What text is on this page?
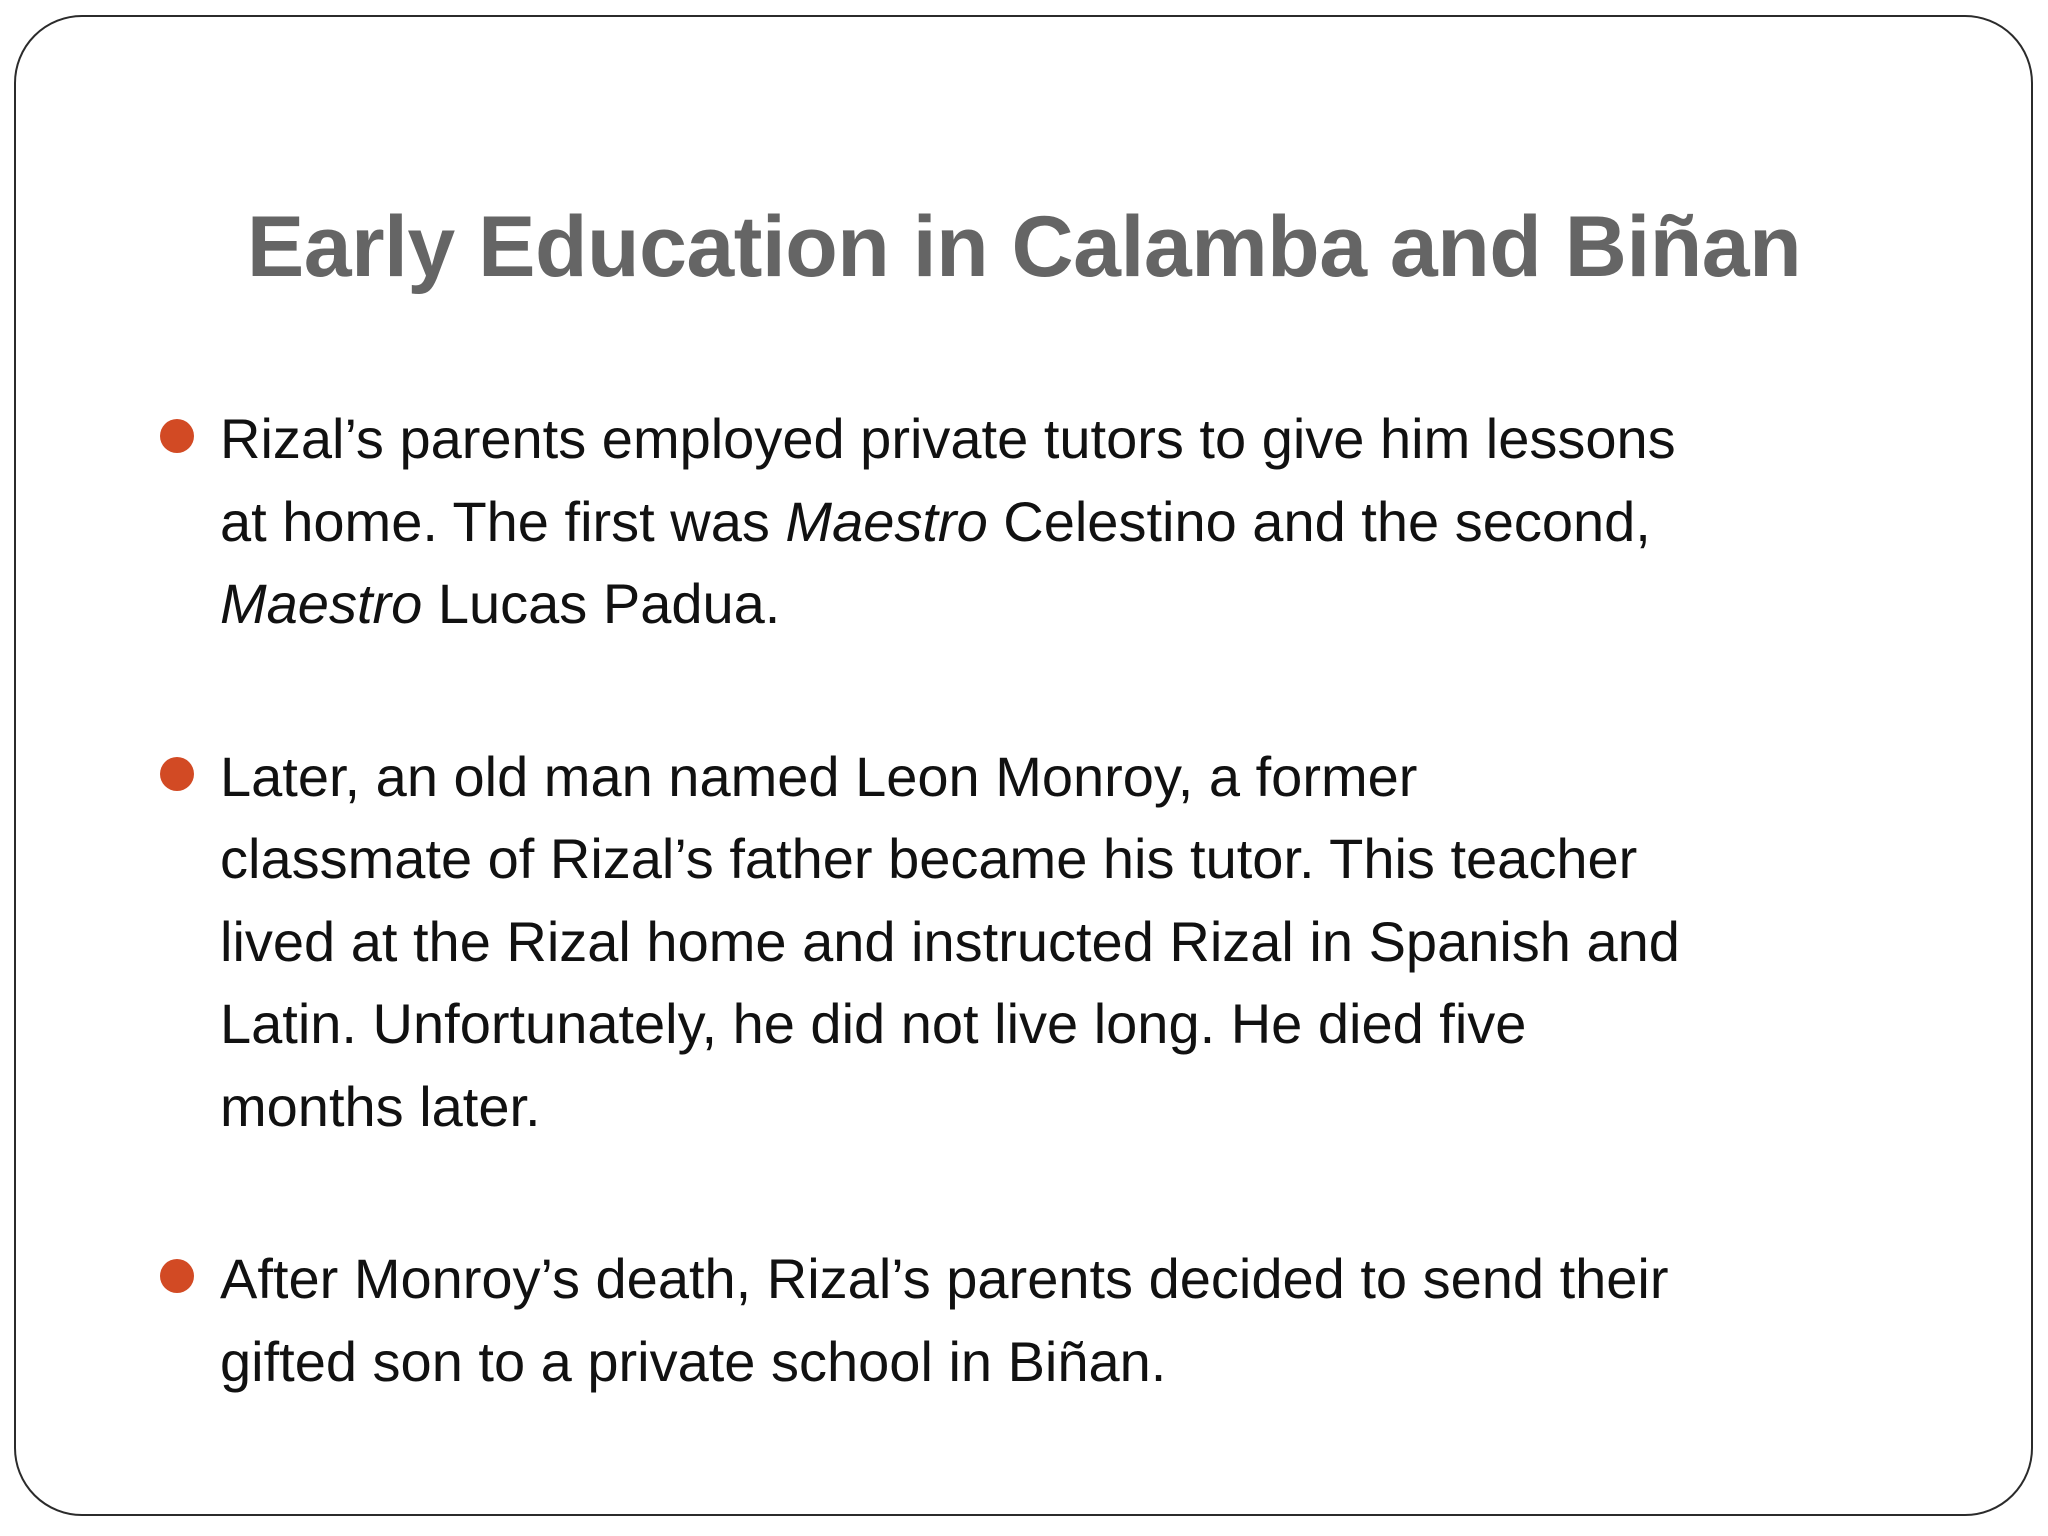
Early Education in Calamba and Biñan
Rizal’s parents employed private tutors to give him lessons
at home. The first was Maestro Celestino and the second,
Maestro Lucas Padua.
Later, an old man named Leon Monroy, a former
classmate of Rizal’s father became his tutor. This teacher
lived at the Rizal home and instructed Rizal in Spanish and
Latin. Unfortunately, he did not live long. He died five
months later.
After Monroy’s death, Rizal’s parents decided to send their
gifted son to a private school in Biñan.
